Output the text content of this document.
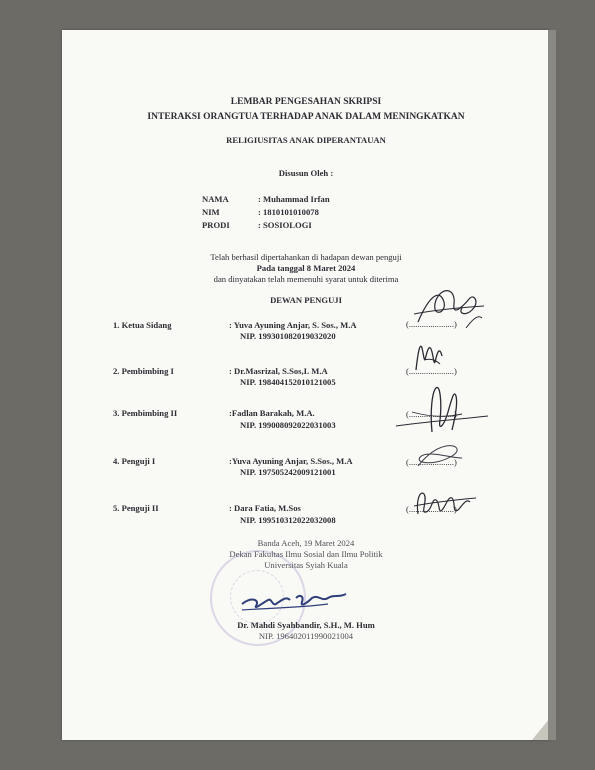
LEMBAR PENGESAHAN SKRIPSI
INTERAKSI ORANGTUA TERHADAP ANAK DALAM MENINGKATKAN
RELIGIUSITAS ANAK DIPERANTAUAN
Disusun Oleh :
NAMA	: Muhammad Irfan
NIM	: 1810101010078
PRODI	: SOSIOLOGI
Telah berhasil dipertahankan di hadapan dewan penguji
Pada tanggal 8 Maret 2024
dan dinyatakan telah memenuhi syarat untuk diterima
DEWAN PENGUJI
1. Ketua Sidang	: Yuva Ayuning Anjar, S. Sos., M.A
NIP. 199301082019032020
(.....................)
2. Pembimbing I	: Dr.Masrizal, S.Sos,I. M.A
NIP. 198404152010121005
(.....................)
3. Pembimbing II	:Fadlan Barakah, M.A.
NIP. 199008092022031003
(.....................)
4. Penguji I	:Yuva Ayuning Anjar, S.Sos., M.A
NIP. 197505242009121001
(.....................)
5. Penguji II	: Dara Fatia, M.Sos
NIP. 199510312022032008
(.....................)
Banda Aceh, 19 Maret 2024
Dekan Fakultas Ilmu Sosial dan Ilmu Politik
Universitas Syiah Kuala
Dr. Mahdi Syahbandir, S.H., M. Hum
NIP. 196402011990021004
